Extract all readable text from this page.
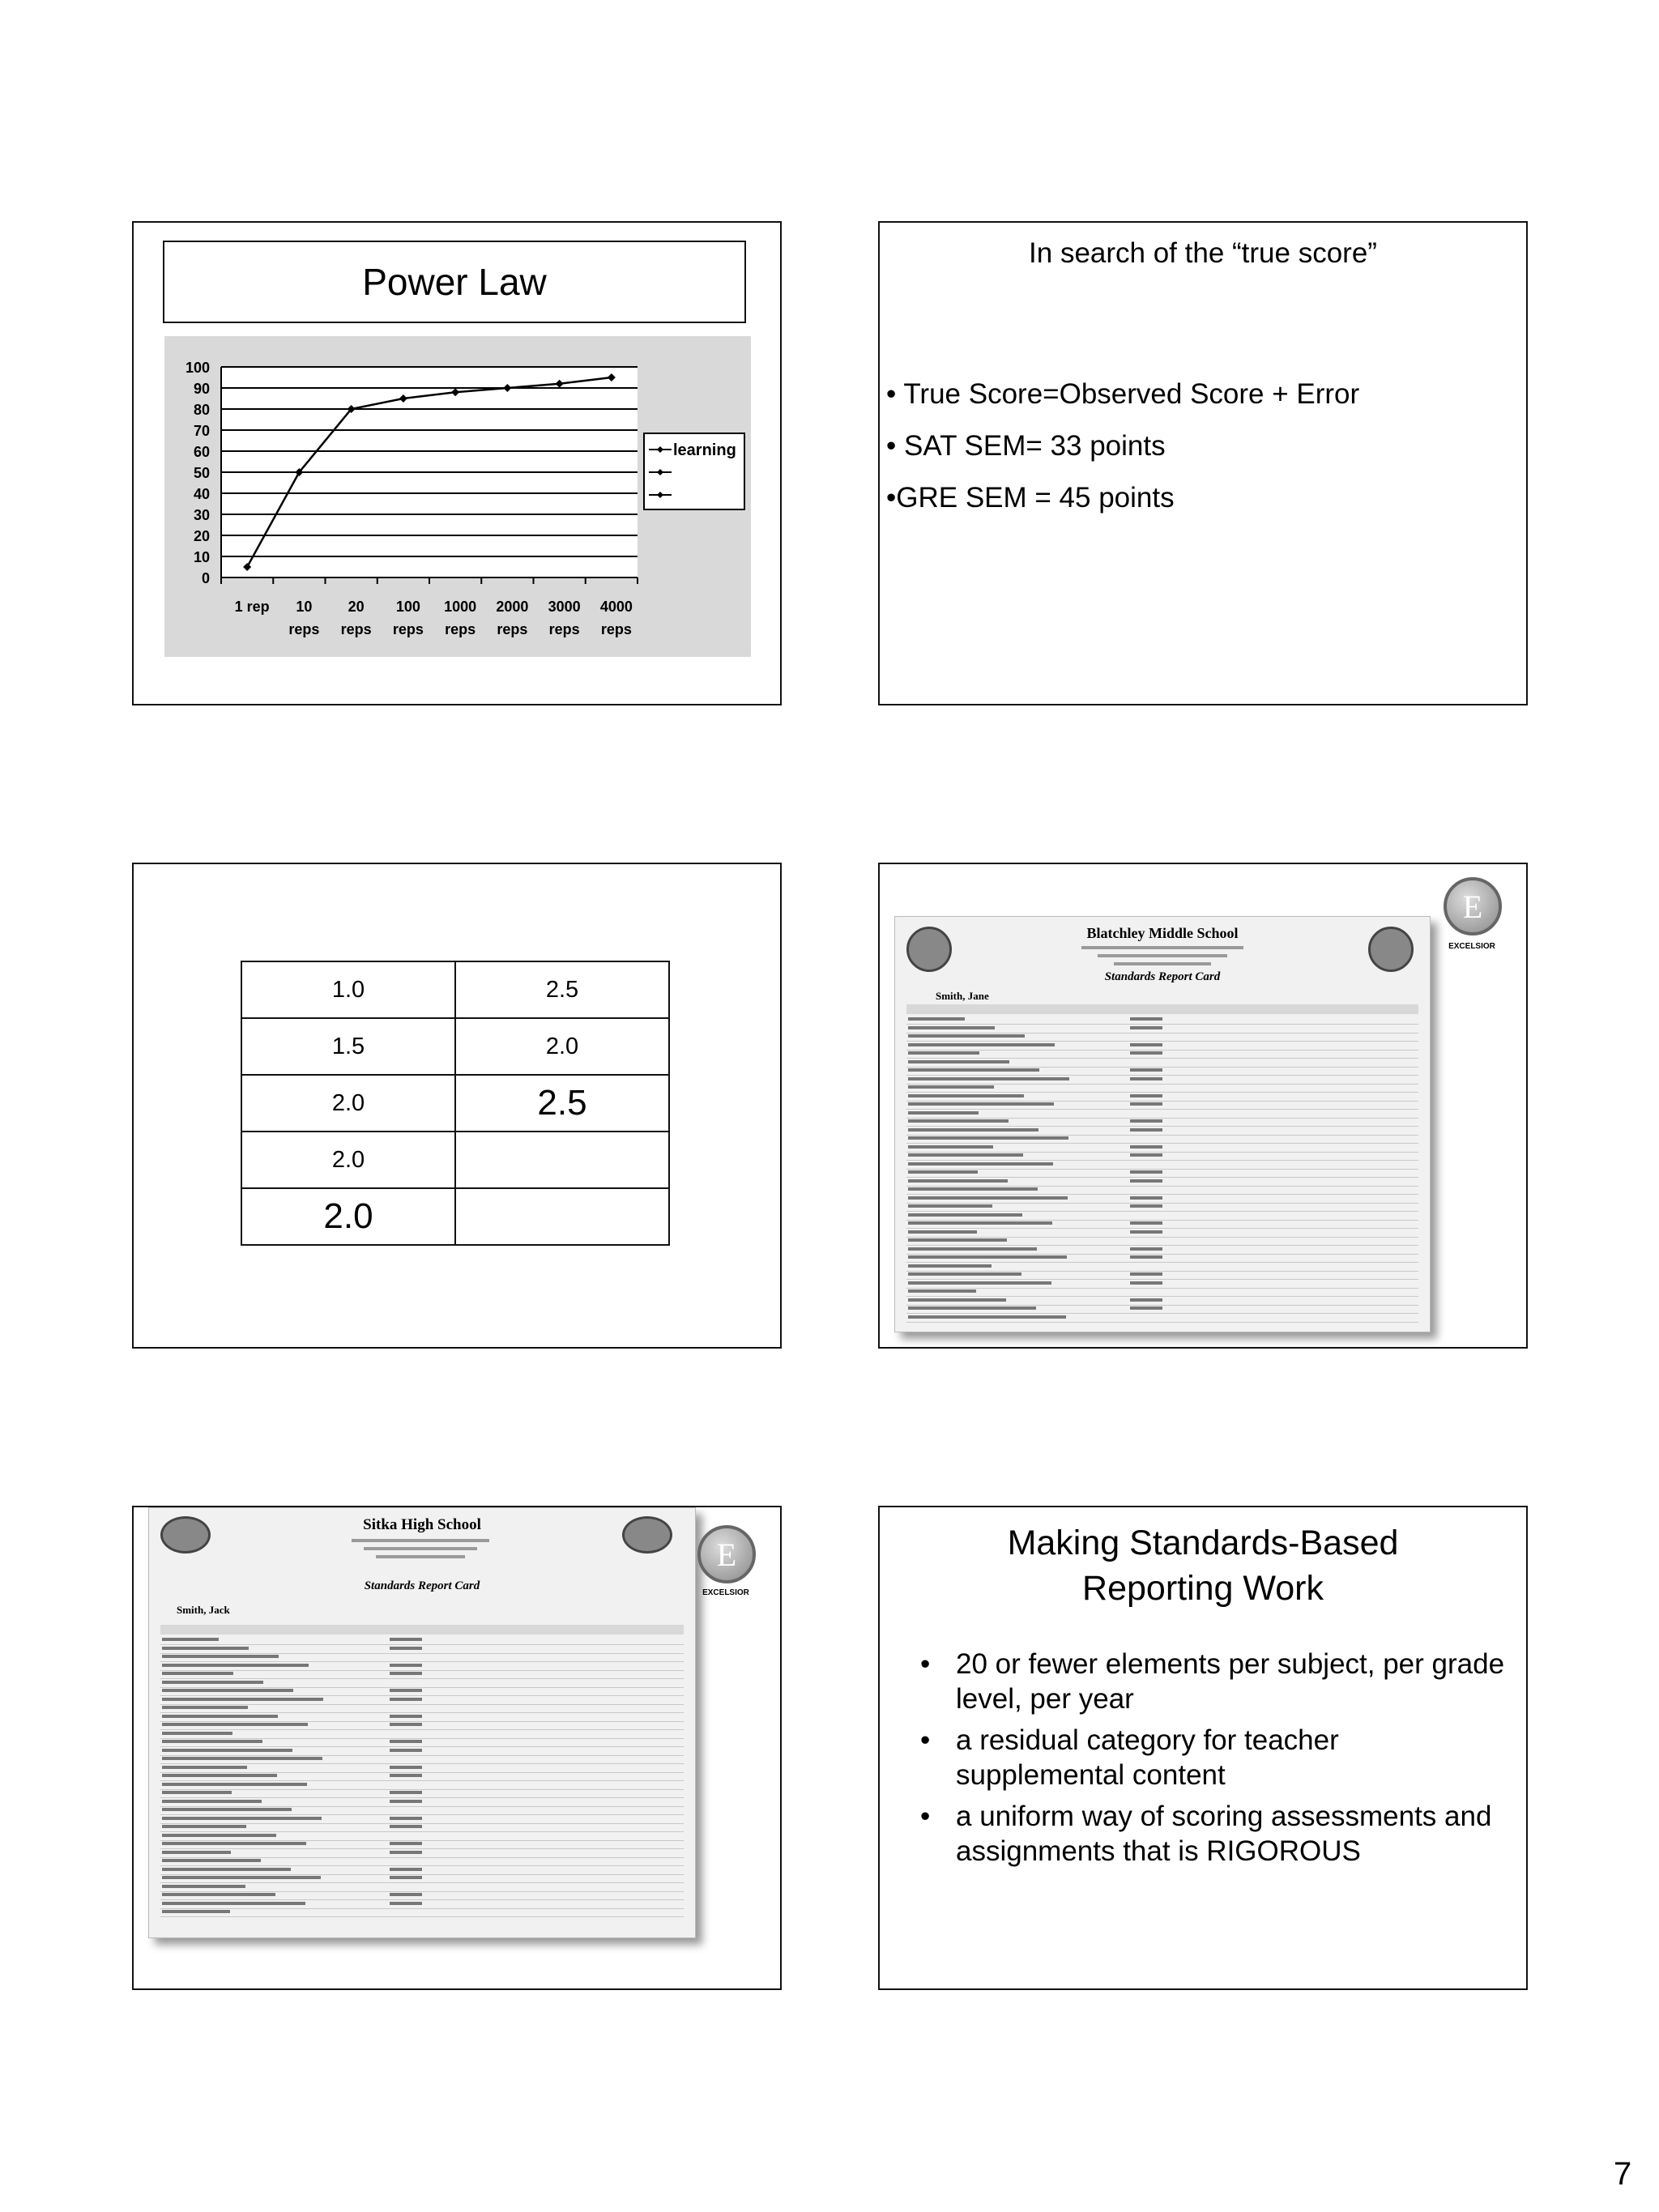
Power Law
0
10
20
30
40
50
60
70
80
90
100
1 rep 10
reps
20
reps
100
reps
1000
reps
2000
reps
3000
reps
4000
reps
learning
In search of the “true score”
• True Score=Observed Score + Error
• SAT SEM= 33 points
•GRE SEM = 45 points
1.0	2.5
1.5	2.0
2.0	2.5
2.0	
2.0	
E
EXCELSIOR
Blatchley Middle School
Standards Report Card
Smith, Jane
Sitka High School
Standards Report Card
Smith, Jack
E
EXCELSIOR
Making Standards-Based
Reporting Work
• 20 or fewer elements per subject, per grade level, per year
• a residual category for teacher supplemental content
• a uniform way of scoring assessments and assignments that is RIGOROUS
7
